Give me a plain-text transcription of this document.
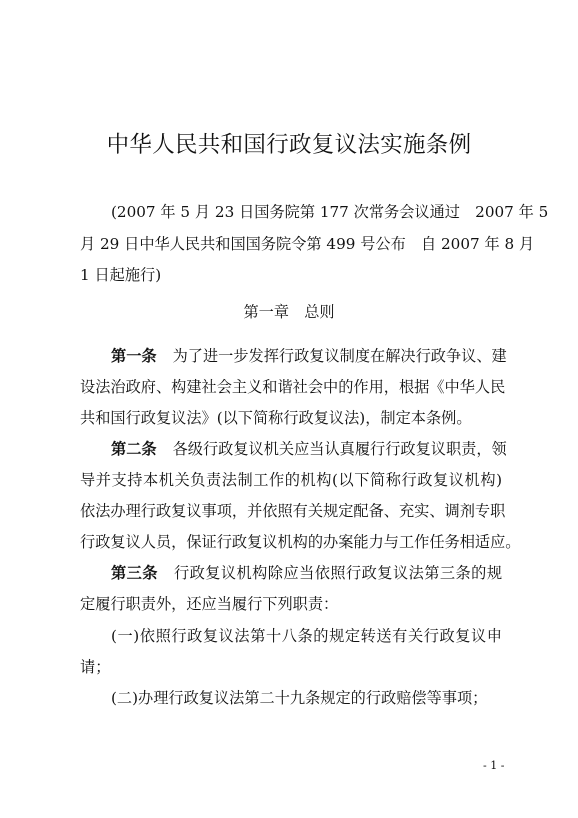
中华人民共和国行政复议法实施条例
(2007 年 5 月 23 日国务院第 177 次常务会议通过　2007 年 5
月 29 日中华人民共和国国务院令第 499 号公布　自 2007 年 8 月
1 日起施行)
第一章　总则
第一条 为了进一步发挥行政复议制度在解决行政争议、建
设法治政府、构建社会主义和谐社会中的作用，根据《中华人民
共和国行政复议法》(以下简称行政复议法)，制定本条例。
第二条 各级行政复议机关应当认真履行行政复议职责，领
导并支持本机关负责法制工作的机构(以下简称行政复议机构)
依法办理行政复议事项，并依照有关规定配备、充实、调剂专职
行政复议人员，保证行政复议机构的办案能力与工作任务相适应。
第三条 行政复议机构除应当依照行政复议法第三条的规
定履行职责外，还应当履行下列职责：
(一)依照行政复议法第十八条的规定转送有关行政复议申
请；
(二)办理行政复议法第二十九条规定的行政赔偿等事项；
- 1 -
